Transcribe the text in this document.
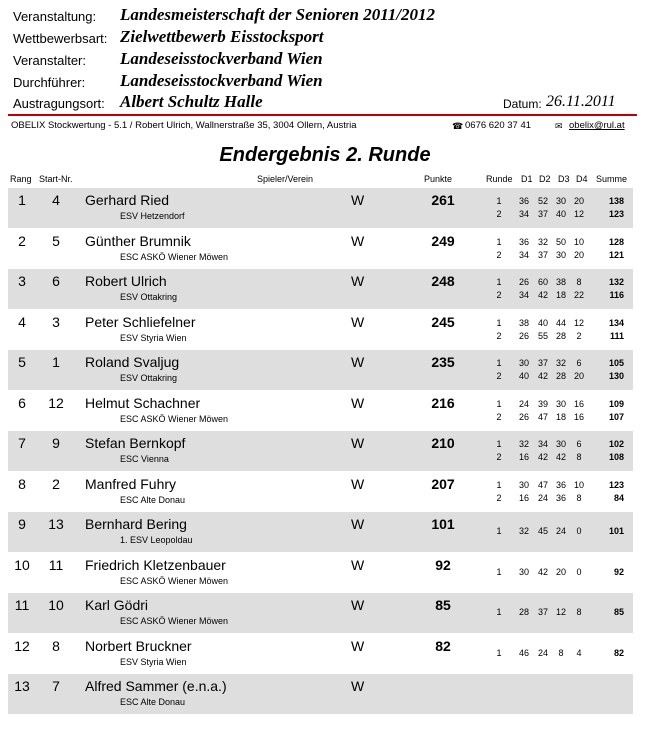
Veranstaltung: Landesmeisterschaft der Senioren 2011/2012
Wettbewerbsart: Zielwettbewerb Eisstocksport
Veranstalter: Landeseisstockverband Wien
Durchführer: Landeseisstockverband Wien
Austragungsort: Albert Schultz Halle	Datum: 26.11.2011
OBELIX Stockwertung - 5.1 / Robert Ulrich, Wallnerstraße 35, 3004 Ollern, Austria	☎ 0676 620 37 41	✉ obelix@rul.at
Endergebnis 2. Runde
Rang Start-Nr.	Spieler/Verein	Punkte	Runde D1 D2 D3 D4 Summe
1	4	Gerhard Ried
ESV Hetzendorf
W	261	1	36 52 30 20	138
2	34 37 40 12	123
2	5	Günther Brumnik
ESC ASKÖ Wiener Möwen
W	249	1	36 32 50 10	128
2	34 37 30 20	121
3	6	Robert Ulrich
ESV Ottakring
W	248	1	26 60 38	8	132
2	34 42 18 22	116
4	3	Peter Schliefelner
ESV Styria Wien
W	245	1	38 40 44 12	134
2	26 55 28	2	111
5	1	Roland Svaljug
ESV Ottakring
W	235	1	30 37 32	6	105
2	40 42 28 20	130
6	12	Helmut Schachner
ESC ASKÖ Wiener Möwen
W	216	1	24 39 30 16	109
2	26 47 18 16	107
7	9	Stefan Bernkopf
ESC Vienna
W	210	1	32 34 30	6	102
2	16 42 42	8	108
8	2	Manfred Fuhry
ESC Alte Donau
W	207	1	30 47 36 10	123
2	16 24 36	8	84
9	13	Bernhard Bering
1. ESV Leopoldau
W	101	1	32 45 24	0	101
10	11	Friedrich Kletzenbauer
ESC ASKÖ Wiener Möwen
W	92	1	30 42 20	0	92
11	10	Karl Gödri
ESC ASKÖ Wiener Möwen
W	85	1	28 37 12	8	85
12	8	Norbert Bruckner
ESV Styria Wien
W	82	1	46 24	8	4	82
13	7	Alfred Sammer (e.n.a.)
ESC Alte Donau
W
